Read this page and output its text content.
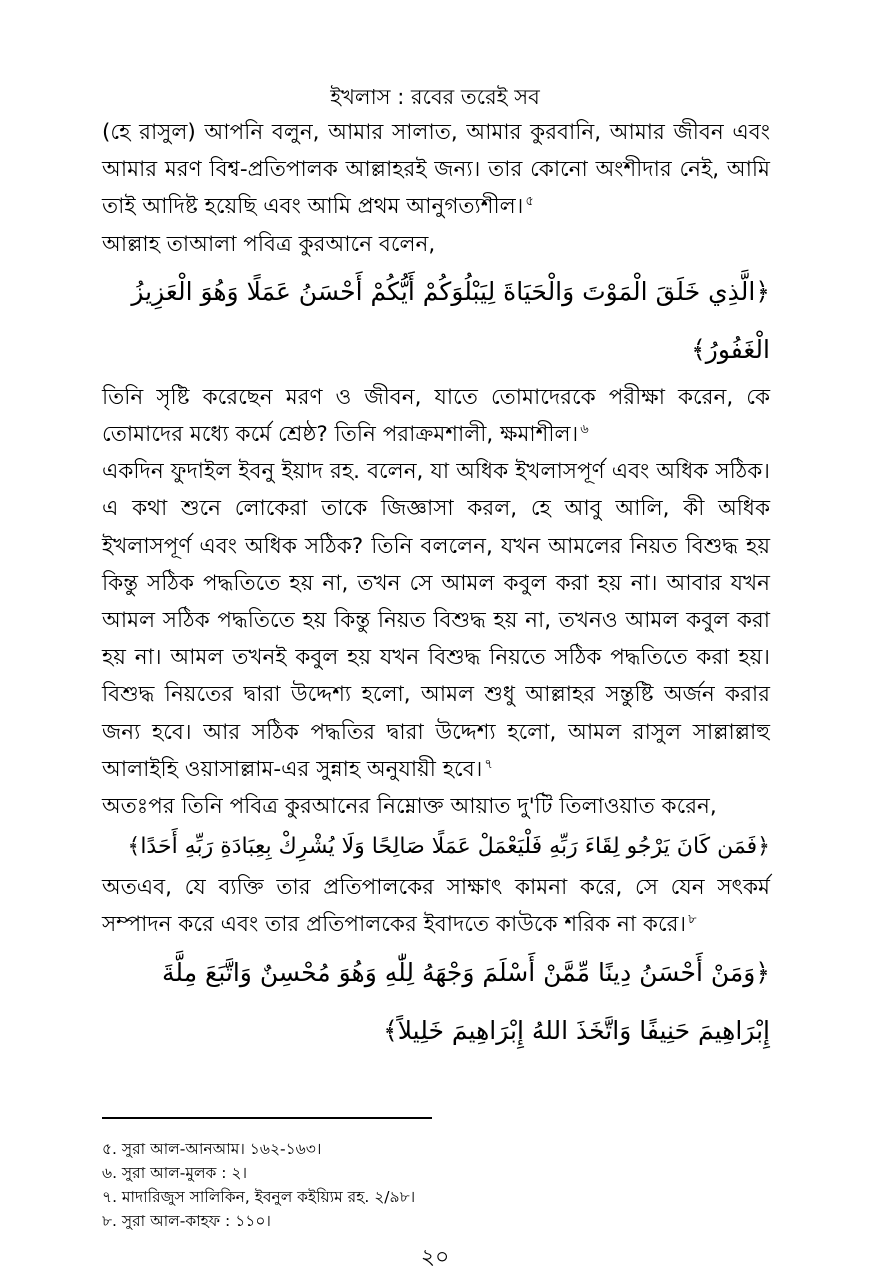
ইখলাস : রবের তরেই সব

(হে রাসুল) আপনি বলুন, আমার সালাত, আমার কুরবানি, আমার জীবন এবং আমার মরণ বিশ্ব-প্রতিপালক আল্লাহরই জন্য। তার কোনো অংশীদার নেই, আমি তাই আদিষ্ট হয়েছি এবং আমি প্রথম আনুগত্যশীল। $^৫$

আল্লাহ তাআলা পবিত্র কুরআনে বলেন,

﴿الَّذِي خَلَقَ الْمَوْتَ وَالْحَيَاةَ لِيَبْلُوَكُمْ أَيُّكُمْ أَحْسَنُ عَمَلًا وَهُوَ الْعَزِيزُ الْغَفُورُ﴾

তিনি সৃষ্টি করেছেন মরণ ও জীবন, যাতে তোমাদেরকে পরীক্ষা করেন, কে তোমাদের মধ্যে কর্মে শ্রেষ্ঠ? তিনি পরাক্রমশালী, ক্ষমাশীল। $^৬$

একদিন ফুদাইল ইবনু ইয়াদ রহ. বলেন, যা অধিক ইখলাসপূর্ণ এবং অধিক সঠিক। এ কথা শুনে লোকেরা তাকে জিজ্ঞাসা করল, হে আবু আলি, কী অধিক ইখলাসপূর্ণ এবং অধিক সঠিক? তিনি বললেন, যখন আমলের নিয়ত বিশুদ্ধ হয় কিন্তু সঠিক পদ্ধতিতে হয় না, তখন সে আমল কবুল করা হয় না। আবার যখন আমল সঠিক পদ্ধতিতে হয় কিন্তু নিয়ত বিশুদ্ধ হয় না, তখনও আমল কবুল করা হয় না। আমল তখনই কবুল হয় যখন বিশুদ্ধ নিয়তে সঠিক পদ্ধতিতে করা হয়। বিশুদ্ধ নিয়তের দ্বারা উদ্দেশ্য হলো, আমল শুধু আল্লাহর সন্তুষ্টি অর্জন করার জন্য হবে। আর সঠিক পদ্ধতির দ্বারা উদ্দেশ্য হলো, আমল রাসুল সাল্লাল্লাহু আলাইহি ওয়াসাল্লাম-এর সুন্নাহ অনুযায়ী হবে। $^৭$

অতঃপর তিনি পবিত্র কুরআনের নিম্নোক্ত আয়াত দু'টি তিলাওয়াত করেন,

﴿فَمَن كَانَ يَرْجُو لِقَاءَ رَبِّهِ فَلْيَعْمَلْ عَمَلًا صَالِحًا وَلَا يُشْرِكْ بِعِبَادَةِ رَبِّهِ أَحَدًا﴾

অতএব, যে ব্যক্তি তার প্রতিপালকের সাক্ষাৎ কামনা করে, সে যেন সৎকর্ম সম্পাদন করে এবং তার প্রতিপালকের ইবাদতে কাউকে শরিক না করে। $^৮$

﴿وَمَنْ أَحْسَنُ دِينًا مِّمَّنْ أَسْلَمَ وَجْهَهُ لِلّٰهِ وَهُوَ مُحْسِنٌ وَاتَّبَعَ مِلَّةَ إِبْرَاهِيمَ حَنِيفًا وَاتَّخَذَ اللهُ إِبْرَاهِيمَ خَلِيلاً﴾

৫. সুরা আল-আনআম। ১৬২-১৬৩।
৬. সুরা আল-মুলক : ২।
৭. মাদারিজুস সালিকিন, ইবনুল কইয়্যিম রহ. ২/৯৮।
৮. সুরা আল-কাহফ : ১১০।
২০
